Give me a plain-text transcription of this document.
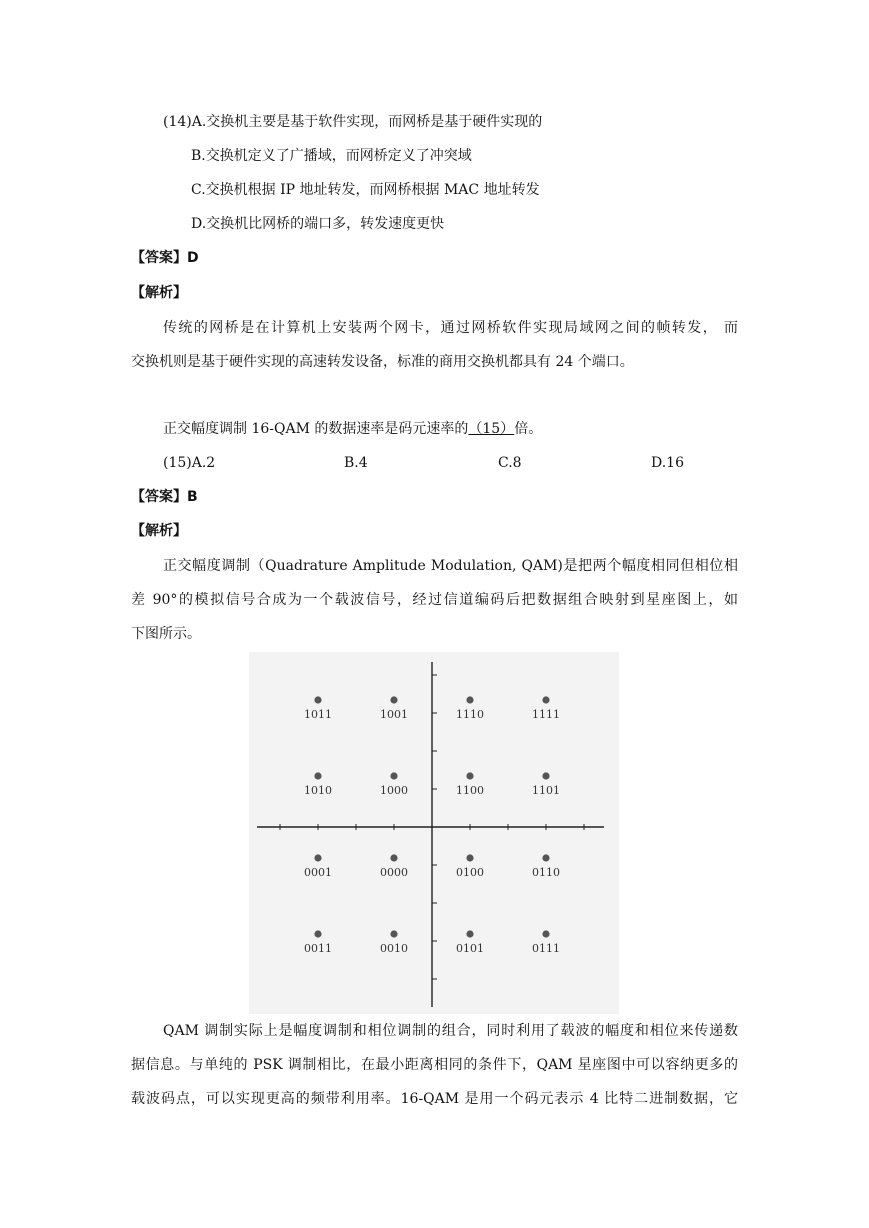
(14)A.交换机主要是基于软件实现，而网桥是基于硬件实现的
B.交换机定义了广播域，而网桥定义了冲突域
C.交换机根据 IP 地址转发，而网桥根据 MAC 地址转发
D.交换机比网桥的端口多，转发速度更快
【答案】D
【解析】
传统的网桥是在计算机上安装两个网卡，通过网桥软件实现局域网之间的帧转发， 而
交换机则是基于硬件实现的高速转发设备，标准的商用交换机都具有 24 个端口。
正交幅度调制 16-QAM 的数据速率是码元速率的（15）倍。
(15)A.2	B.4	C.8	D.16
【答案】B
【解析】
正交幅度调制（Quadrature Amplitude Modulation, QAM)是把两个幅度相同但相位相
差 90°的模拟信号合成为一个载波信号，经过信道编码后把数据组合映射到星座图上，如
下图所示。
1011	1001	1110	1111
1010	1000	1100	1101
0001	0000	0100	0110
0011	0010	0101	0111
QAM 调制实际上是幅度调制和相位调制的组合，同时利用了载波的幅度和相位来传递数
据信息。与单纯的 PSK 调制相比，在最小距离相同的条件下，QAM 星座图中可以容纳更多的
载波码点，可以实现更高的频带利用率。16-QAM 是用一个码元表示 4 比特二进制数据，它
